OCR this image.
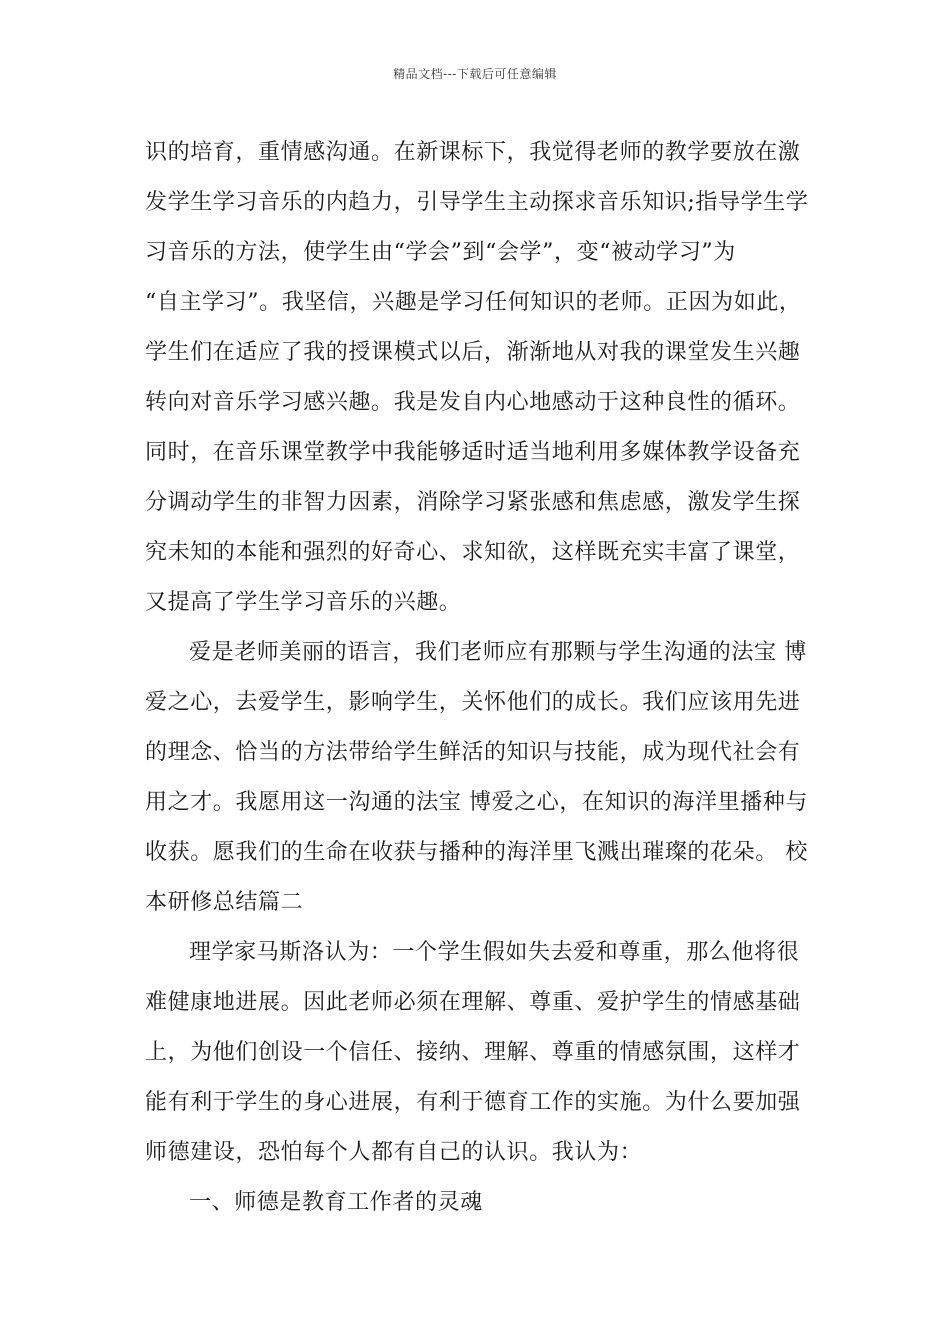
精品文档---下载后可任意编辑
识的培育，重情感沟通。在新课标下，我觉得老师的教学要放在激
发学生学习音乐的内趋力，引导学生主动探求音乐知识;指导学生学
习音乐的方法，使学生由“学会”到“会学”，变“被动学习”为
“自主学习”。我坚信，兴趣是学习任何知识的老师。正因为如此，
学生们在适应了我的授课模式以后，渐渐地从对我的课堂发生兴趣
转向对音乐学习感兴趣。我是发自内心地感动于这种良性的循环。
同时，在音乐课堂教学中我能够适时适当地利用多媒体教学设备充
分调动学生的非智力因素，消除学习紧张感和焦虑感，激发学生探
究未知的本能和强烈的好奇心、求知欲，这样既充实丰富了课堂，
又提高了学生学习音乐的兴趣。
爱是老师美丽的语言，我们老师应有那颗与学生沟通的法宝 博
爱之心，去爱学生，影响学生，关怀他们的成长。我们应该用先进
的理念、恰当的方法带给学生鲜活的知识与技能，成为现代社会有
用之才。我愿用这一沟通的法宝 博爱之心，在知识的海洋里播种与
收获。愿我们的生命在收获与播种的海洋里飞溅出璀璨的花朵。 校
本研修总结篇二
理学家马斯洛认为：一个学生假如失去爱和尊重，那么他将很
难健康地进展。因此老师必须在理解、尊重、爱护学生的情感基础
上，为他们创设一个信任、接纳、理解、尊重的情感氛围，这样才
能有利于学生的身心进展，有利于德育工作的实施。为什么要加强
师德建设，恐怕每个人都有自己的认识。我认为：
一、师德是教育工作者的灵魂
